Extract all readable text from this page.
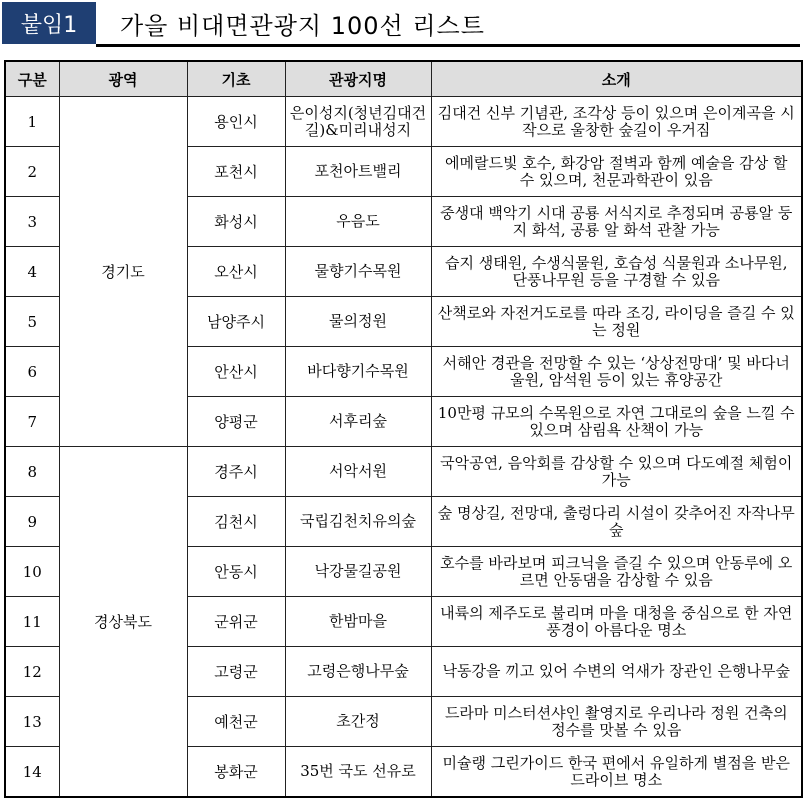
붙임1	가을 비대면관광지 100선 리스트
구분	광역	기초	관광지명	소개
1	경기도	용인시	은이성지(청년김대건길)&미리내성지	김대건 신부 기념관, 조각상 등이 있으며 은이계곡을 시작으로 울창한 숲길이 우거짐
2		포천시	포천아트밸리	에메랄드빛 호수, 화강암 절벽과 함께 예술을 감상 할 수 있으며, 천문과학관이 있음
3		화성시	우음도	중생대 백악기 시대 공룡 서식지로 추정되며 공룡알 둥지 화석, 공룡 알 화석 관찰 가능
4		오산시	물향기수목원	습지 생태원, 수생식물원, 호습성 식물원과 소나무원, 단풍나무원 등을 구경할 수 있음
5		남양주시	물의정원	산책로와 자전거도로를 따라 조깅, 라이딩을 즐길 수 있는 정원
6		안산시	바다향기수목원	서해안 경관을 전망할 수 있는 ‘상상전망대’ 및 바다너울원, 암석원 등이 있는 휴양공간
7		양평군	서후리숲	10만평 규모의 수목원으로 자연 그대로의 숲을 느낄 수 있으며 삼림욕 산책이 가능
8	경상북도	경주시	서악서원	국악공연, 음악회를 감상할 수 있으며 다도예절 체험이 가능
9		김천시	국립김천치유의숲	숲 명상길, 전망대, 출렁다리 시설이 갖추어진 자작나무숲
10		안동시	낙강물길공원	호수를 바라보며 피크닉을 즐길 수 있으며 안동루에 오르면 안동댐을 감상할 수 있음
11		군위군	한밤마을	내륙의 제주도로 불리며 마을 대청을 중심으로 한 자연풍경이 아름다운 명소
12		고령군	고령은행나무숲	낙동강을 끼고 있어 수변의 억새가 장관인 은행나무숲
13		예천군	초간정	드라마 미스터션샤인 촬영지로 우리나라 정원 건축의 정수를 맛볼 수 있음
14		봉화군	35번 국도 선유로	미슐랭 그린가이드 한국 편에서 유일하게 별점을 받은 드라이브 명소
